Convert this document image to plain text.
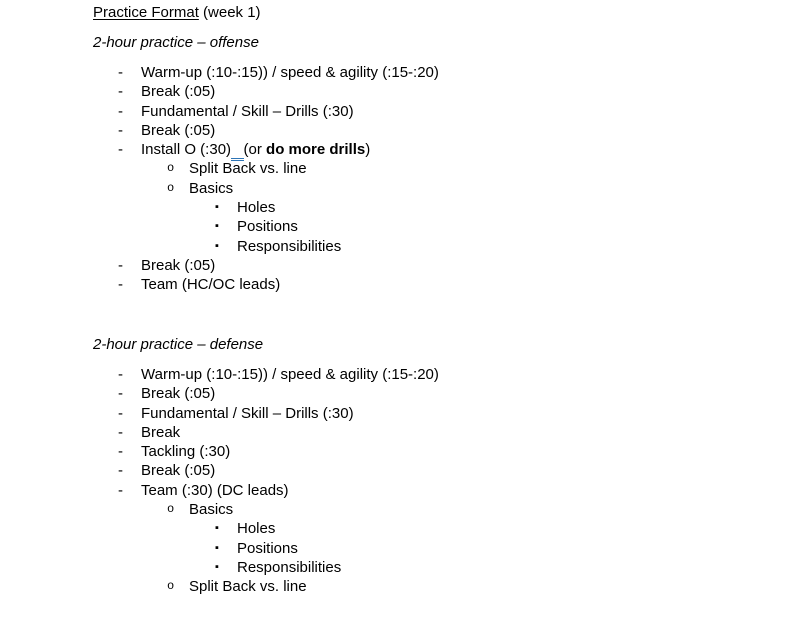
Practice Format (week 1)

2-hour practice – offense

- Warm-up (:10-:15)) / speed & agility (:15-:20)
- Break (:05)
- Fundamental / Skill – Drills (:30)
- Break (:05)
- Install O (:30) (or do more drills)
o Split Back vs. line
o Basics
▪ Holes
▪ Positions
▪ Responsibilities
- Break (:05)
- Team (HC/OC leads)

2-hour practice – defense

- Warm-up (:10-:15)) / speed & agility (:15-:20)
- Break (:05)
- Fundamental / Skill – Drills (:30)
- Break
- Tackling (:30)
- Break (:05)
- Team (:30) (DC leads)
o Basics
▪ Holes
▪ Positions
▪ Responsibilities
o Split Back vs. line
